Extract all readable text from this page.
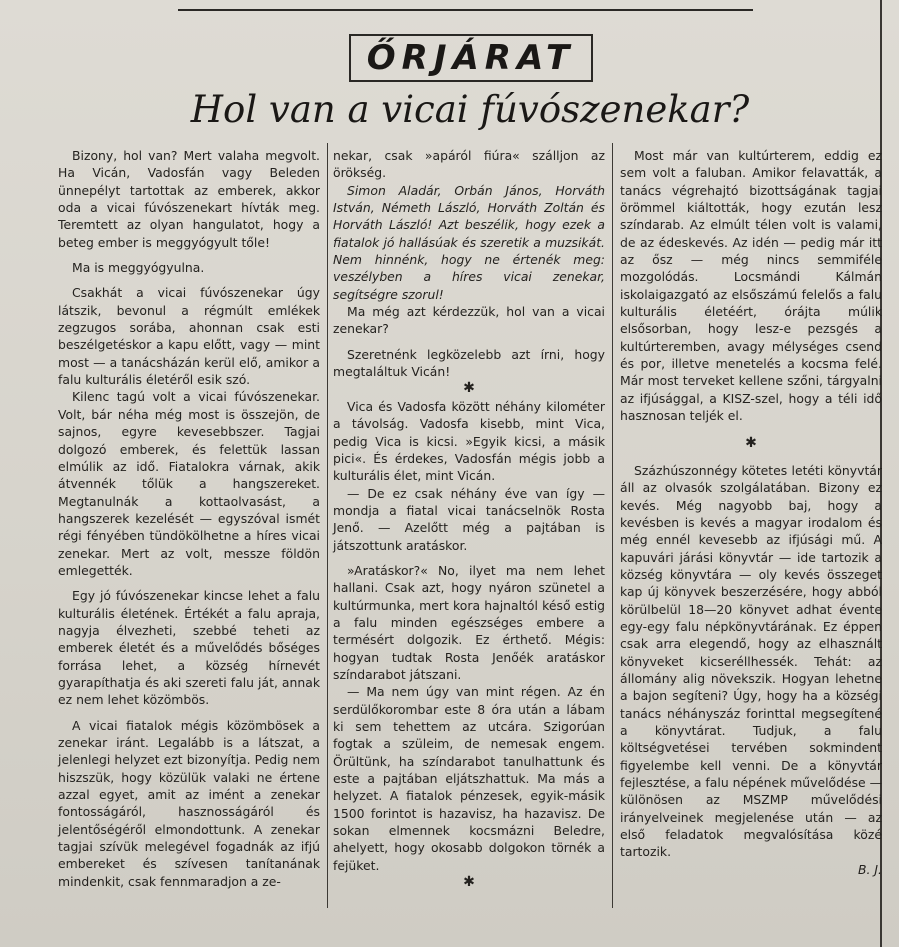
ŐRJÁRAT
Hol van a vicai fúvószenekar?

Bizony, hol van? Mert valaha megvolt. Ha Vicán, Vadosfán vagy Beleden ünnepélyt tartottak az emberek, akkor oda a vicai fúvószenekart hívták meg. Teremtett az olyan hangulatot, hogy a beteg ember is meggyógyult tőle!

Ma is meggyógyulna.

Csakhát a vicai fúvószenekar úgy látszik, bevonul a régmúlt emlékek zegzugos sorába, ahonnan csak esti beszélgetéskor a kapu előtt, vagy — mint most — a tanácsházán kerül elő, amikor a falu kulturális életéről esik szó.

Kilenc tagú volt a vicai fúvószenekar. Volt, bár néha még most is összejön, de sajnos, egyre kevesebbszer. Tagjai dolgozó emberek, és felettük lassan elmúlik az idő. Fiatalokra várnak, akik átvennék tőlük a hangszereket. Megtanulnák a kottaolvasást, a hangszerek kezelését — egyszóval ismét régi fényében tündökölhetne a híres vicai zenekar. Mert az volt, messze földön emlegették.

Egy jó fúvószenekar kincse lehet a falu kulturális életének. Értékét a falu apraja, nagyja élvezheti, szebbé teheti az emberek életét és a művelődés bőséges forrása lehet, a község hírnevét gyarapíthatja és aki szereti falu ját, annak ez nem lehet közömbös.

A vicai fiatalok mégis közömbösek a zenekar iránt. Legalább is a látszat, a jelenlegi helyzet ezt bizonyítja. Pedig nem hiszszük, hogy közülük valaki ne értene azzal egyet, amit az imént a zenekar fontosságáról, hasznosságáról és jelentőségéről elmondottunk. A zenekar tagjai szívük melegével fogadnák az ifjú embereket és szívesen tanítanának mindenkit, csak fennmaradjon a ze-

nekar, csak »apáról fiúra« szálljon az örökség.

Simon Aladár, Orbán János, Horváth István, Németh László, Horváth Zoltán és Horváth László! Azt beszélik, hogy ezek a fiatalok jó hallásúak és szeretik a muzsikát. Nem hinnénk, hogy ne értenék meg: veszélyben a híres vicai zenekar, segítségre szorul!

Ma még azt kérdezzük, hol van a vicai zenekar?

Szeretnénk legközelebb azt írni, hogy megtaláltuk Vicán!

✱

Vica és Vadosfa között néhány kilométer a távolság. Vadosfa kisebb, mint Vica, pedig Vica is kicsi. »Egyik kicsi, a másik pici«. És érdekes, Vadosfán mégis jobb a kulturális élet, mint Vicán.

— De ez csak néhány éve van így — mondja a fiatal vicai tanácselnök Rosta Jenő. — Azelőtt még a pajtában is játszottunk aratáskor.

»Aratáskor?« No, ilyet ma nem lehet hallani. Csak azt, hogy nyáron szünetel a kultúrmunka, mert kora hajnaltól késő estig a falu minden egészséges embere a termésért dolgozik. Ez érthető. Mégis: hogyan tudtak Rosta Jenőék aratáskor színdarabot játszani.

— Ma nem úgy van mint régen. Az én serdülőkorombar este 8 óra után a lábam ki sem tehettem az utcára. Szigorúan fogtak a szüleim, de nemesak engem. Örültünk, ha színdarabot tanulhattunk és este a pajtában eljátszhattuk. Ma más a helyzet. A fiatalok pénzesek, egyik-másik 1500 forintot is hazavisz, ha hazavisz. De sokan elmennek kocsmázni Beledre, ahelyett, hogy okosabb dolgokon törnék a fejüket.

✱

Most már van kultúrterem, eddig ez sem volt a faluban. Amikor felavatták, a tanács végrehajtó bizottságának tagjai örömmel kiáltották, hogy ezután lesz színdarab. Az elmúlt télen volt is valami, de az édeskevés. Az idén — pedig már itt az ősz — még nincs semmiféle mozgolódás. Locsmándi Kálmán iskolaigazgató az elsőszámú felelős a falu kulturális életéért, órájta múlik elsősorban, hogy lesz-e pezsgés a kultúrteremben, avagy mélységes csend és por, illetve menetelés a kocsma felé. Már most terveket kellene szőni, tárgyalni az ifjúsággal, a KISZ-szel, hogy a téli idő hasznosan teljék el.

✱

Százhúszonnégy kötetes letéti könyvtár áll az olvasók szolgálatában. Bizony ez kevés. Még nagyobb baj, hogy a kevésben is kevés a magyar irodalom és még ennél kevesebb az ifjúsági mű. A kapuvári járási könyvtár — ide tartozik a község könyvtára — oly kevés összeget kap új könyvek beszerzésére, hogy abból körülbelül 18—20 könyvet adhat évente egy-egy falu népkönyvtárának. Ez éppen csak arra elegendő, hogy az elhasznált könyveket kicseréllhessék. Tehát: az állomány alig növekszik. Hogyan lehetne a bajon segíteni? Úgy, hogy ha a községi tanács néhányszáz forinttal megsegítené a könyvtárat. Tudjuk, a falu költségvetései tervében sokmindent figyelembe kell venni. De a könyvtár fejlesztése, a falu népének művelődése — különösen az MSZMP művelődési irányelveinek megjelenése után — az első feladatok megvalósítása közé tartozik.

B. J.
